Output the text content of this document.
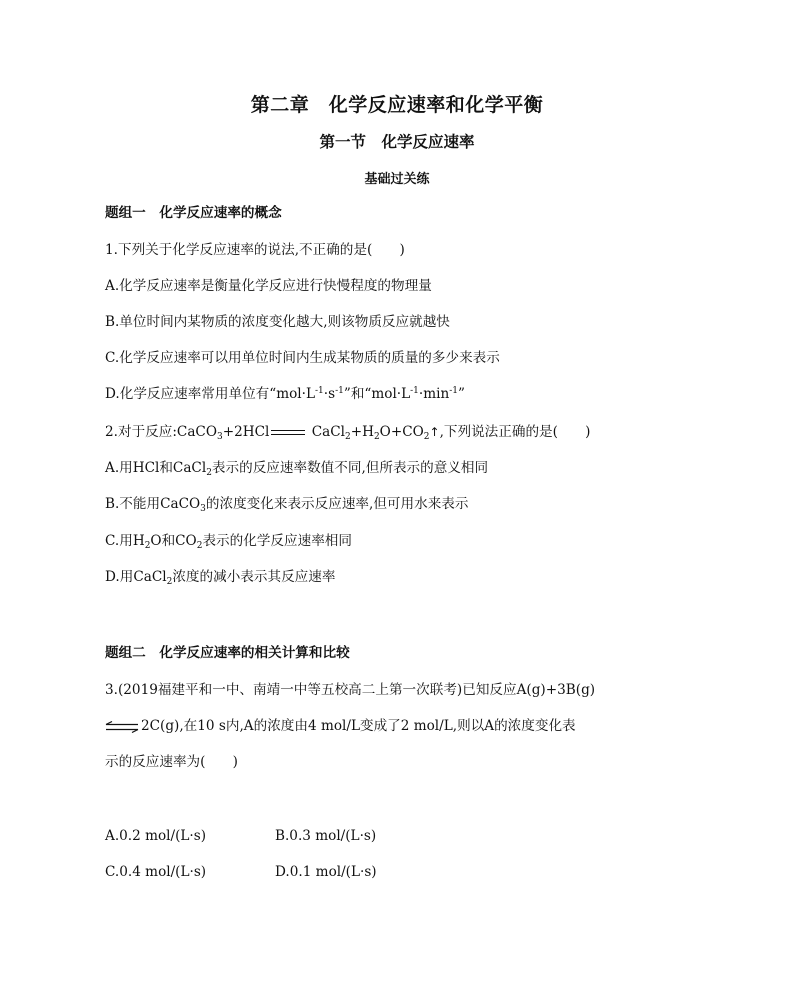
第二章　化学反应速率和化学平衡
第一节　化学反应速率
基础过关练
题组一　化学反应速率的概念
1.下列关于化学反应速率的说法,不正确的是(　　)
A.化学反应速率是衡量化学反应进行快慢程度的物理量
B.单位时间内某物质的浓度变化越大,则该物质反应就越快
C.化学反应速率可以用单位时间内生成某物质的质量的多少来表示
D.化学反应速率常用单位有“$mol\cdot L^{-1}\cdot s^{-1}$”和“$mol\cdot L^{-1}\cdot\min^{-1}$”
2.对于反应:CaCO$_3$+2HCl	$CaCl_2+H_2O+CO_2↑$,下列说法正确的是(　　)
A.用HCl和CaCl$_2$表示的反应速率数值不同,但所表示的意义相同
B.不能用CaCO$_3$的浓度变化来表示反应速率,但可用水来表示
C.用$H_2O$和$CO_2$表示的化学反应速率相同
D.用CaCl$_2$浓度的减小表示其反应速率
题组二　化学反应速率的相关计算和比较
3.(2019福建平和一中、南靖一中等五校高二上第一次联考)已知反应A(g)+3B(g)
⇌ 2C(g),在10 s内,A的浓度由4 mol/L变成了2 mol/L,则以A的浓度变化表
示的反应速率为(　　)
A.0.2 mol/(L·s)	B.0.3 mol/(L·s)
C.0.4 mol/(L·s)	D.0.1 mol/(L·s)
